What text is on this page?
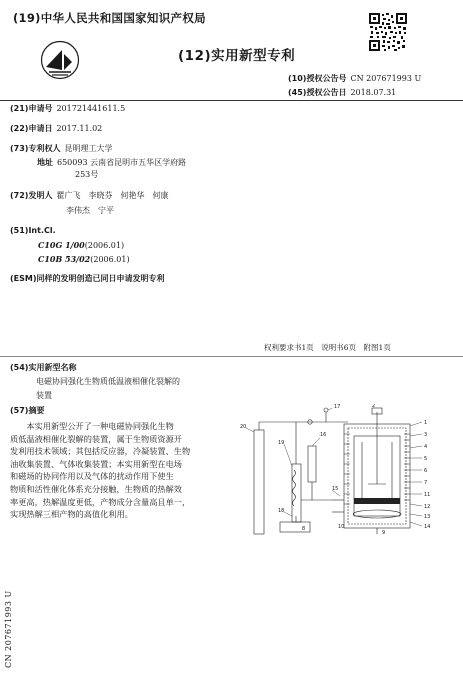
(19)中华人民共和国国家知识产权局
(12)实用新型专利
(10)授权公告号 CN 207671993 U
(45)授权公告日 2018.07.31
(21)申请号 201721441611.5
(22)申请日 2017.11.02
(73)专利权人 昆明理工大学
地址 650093 云南省昆明市五华区学府路
253号
(72)发明人 瞿广飞　李晓芬　何艳华　何康
李伟杰　宁平
(51)Int.Cl.
C10G 1/00(2006.01)
C10B 53/02(2006.01)
(ESM)同样的发明创造已同日申请发明专利
权利要求书1页　说明书6页　附图1页
(54)实用新型名称
电磁协同强化生物质低温液相催化裂解的
装置
(57)摘要
　　本实用新型公开了一种电磁协同强化生物
质低温液相催化裂解的装置，属于生物质资源开
发利用技术领域；其包括反应器，冷凝装置、生物
油收集装置、气体收集装置；本实用新型在电场
和磁场的协同作用以及气体的扰动作用下使生
物质和活性催化体系充分接触，生物质的热解效
率更高，热解温度更低，产物成分含量高且单一，
实现热解三相产物的高值化利用。
1
3
4
5
6
7
11
12
13
14
20
19
18
16
17
15
2
10
9
8
CN 207671993 U
